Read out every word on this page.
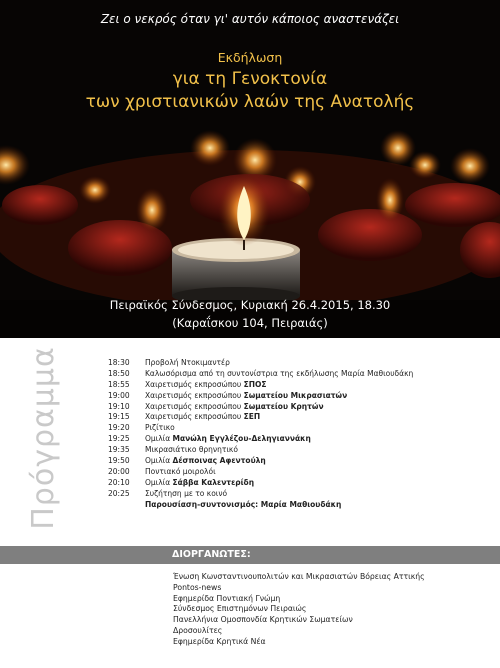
Ζει ο νεκρός όταν γι' αυτόν κάποιος αναστενάζει
Εκδήλωση
για τη Γενοκτονία
των χριστιανικών λαών της Ανατολής
Πειραϊκός Σύνδεσμος, Κυριακή 26.4.2015, 18.30
(Καραΐσκου 104, Πειραιάς)
Πρόγραμμα	18:30	Προβολή Ντοκιμαντέρ
18:50	Καλωσόρισμα από τη συντονίστρια της εκδήλωσης Μαρία Μαθιουδάκη
18:55	Χαιρετισμός εκπροσώπου ΣΠΟΣ
19:00	Χαιρετισμός εκπροσώπου Σωματείου Μικρασιατών
19:10	Χαιρετισμός εκπροσώπου Σωματείου Κρητών
19:15	Χαιρετισμός εκπροσώπου ΣΕΠ
19:20	Ριζίτικο
19:25	Ομιλία Μανώλη Εγγλέζου-Δεληγιαννάκη
19:35	Μικρασιάτικο θρηνητικό
19:50	Ομιλία Δέσποινας Αφεντούλη
20:00	Ποντιακό μοιρολόι
20:10	Ομιλία Σάββα Καλεντερίδη
20:25	Συζήτηση με το κοινό
Παρουσίαση-συντονισμός: Μαρία Μαθιουδάκη
ΔΙΟΡΓΑΝΩΤΕΣ:
Ένωση Κωνσταντινουπολιτών και Μικρασιατών Βόρειας Αττικής
Pontos-news
Εφημερίδα Ποντιακή Γνώμη
Σύνδεσμος Επιστημόνων Πειραιώς
Πανελλήνια Ομοσπονδία Κρητικών Σωματείων
Δροσουλίτες
Εφημερίδα Κρητικά Νέα
